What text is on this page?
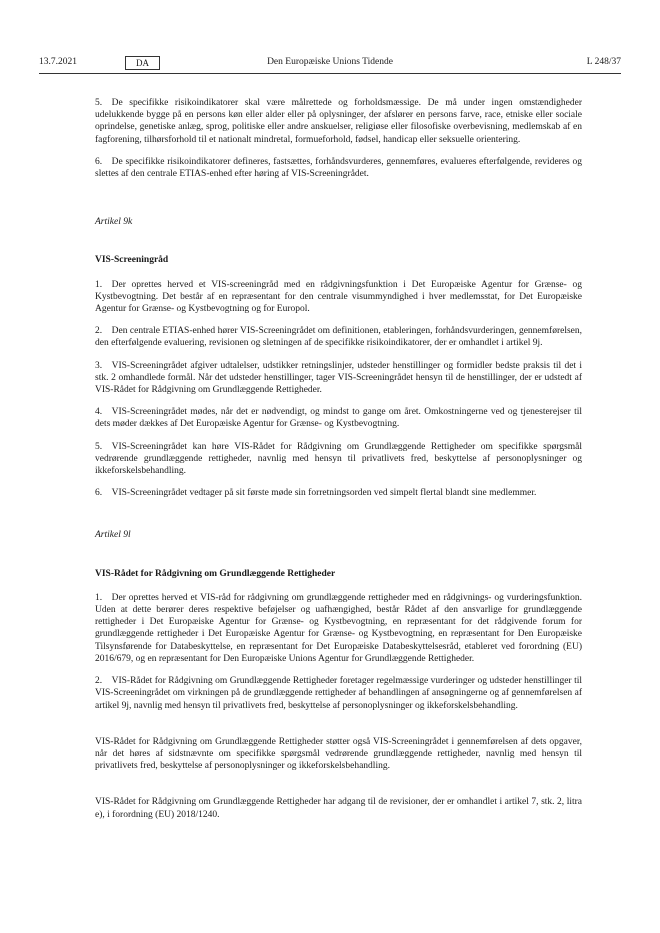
13.7.2021	DA	Den Europæiske Unions Tidende	L 248/37

5. De specifikke risikoindikatorer skal være målrettede og forholdsmæssige. De må under ingen omstændigheder udelukkende bygge på en persons køn eller alder eller på oplysninger, der afslører en persons farve, race, etniske eller sociale oprindelse, genetiske anlæg, sprog, politiske eller andre anskuelser, religiøse eller filosofiske overbevisning, medlemskab af en fagforening, tilhørsforhold til et nationalt mindretal, formueforhold, fødsel, handicap eller seksuelle orientering.

6. De specifikke risikoindikatorer defineres, fastsættes, forhåndsvurderes, gennemføres, evalueres efterfølgende, revideres og slettes af den centrale ETIAS-enhed efter høring af VIS-Screeningrådet.

Artikel 9k

VIS-Screeningråd

1. Der oprettes herved et VIS-screeningråd med en rådgivningsfunktion i Det Europæiske Agentur for Grænse- og Kystbevogtning. Det består af en repræsentant for den centrale visummyndighed i hver medlemsstat, for Det Europæiske Agentur for Grænse- og Kystbevogtning og for Europol.

2. Den centrale ETIAS-enhed hører VIS-Screeningrådet om definitionen, etableringen, forhåndsvurderingen, gennemførelsen, den efterfølgende evaluering, revisionen og sletningen af de specifikke risikoindikatorer, der er omhandlet i artikel 9j.

3. VIS-Screeningrådet afgiver udtalelser, udstikker retningslinjer, udsteder henstillinger og formidler bedste praksis til det i stk. 2 omhandlede formål. Når det udsteder henstillinger, tager VIS-Screeningrådet hensyn til de henstillinger, der er udstedt af VIS-Rådet for Rådgivning om Grundlæggende Rettigheder.

4. VIS-Screeningrådet mødes, når det er nødvendigt, og mindst to gange om året. Omkostningerne ved og tjenesterejser til dets møder dækkes af Det Europæiske Agentur for Grænse- og Kystbevogtning.

5. VIS-Screeningrådet kan høre VIS-Rådet for Rådgivning om Grundlæggende Rettigheder om specifikke spørgsmål vedrørende grundlæggende rettigheder, navnlig med hensyn til privatlivets fred, beskyttelse af personoplysninger og ikkeforskelsbehandling.

6. VIS-Screeningrådet vedtager på sit første møde sin forretningsorden ved simpelt flertal blandt sine medlemmer.

Artikel 9l

VIS-Rådet for Rådgivning om Grundlæggende Rettigheder

1. Der oprettes herved et VIS-råd for rådgivning om grundlæggende rettigheder med en rådgivnings- og vurderingsfunktion. Uden at dette berører deres respektive beføjelser og uafhængighed, består Rådet af den ansvarlige for grundlæggende rettigheder i Det Europæiske Agentur for Grænse- og Kystbevogtning, en repræsentant for det rådgivende forum for grundlæggende rettigheder i Det Europæiske Agentur for Grænse- og Kystbevogtning, en repræsentant for Den Europæiske Tilsynsførende for Databeskyttelse, en repræsentant for Det Europæiske Databeskyttelsesråd, etableret ved forordning (EU) 2016/679, og en repræsentant for Den Europæiske Unions Agentur for Grundlæggende Rettigheder.

2. VIS-Rådet for Rådgivning om Grundlæggende Rettigheder foretager regelmæssige vurderinger og udsteder henstillinger til VIS-Screeningrådet om virkningen på de grundlæggende rettigheder af behandlingen af ansøgningerne og af gennemførelsen af artikel 9j, navnlig med hensyn til privatlivets fred, beskyttelse af personoplysninger og ikkeforskelsbehandling.

VIS-Rådet for Rådgivning om Grundlæggende Rettigheder støtter også VIS-Screeningrådet i gennemførelsen af dets opgaver, når det høres af sidstnævnte om specifikke spørgsmål vedrørende grundlæggende rettigheder, navnlig med hensyn til privatlivets fred, beskyttelse af personoplysninger og ikkeforskelsbehandling.

VIS-Rådet for Rådgivning om Grundlæggende Rettigheder har adgang til de revisioner, der er omhandlet i artikel 7, stk. 2, litra e), i forordning (EU) 2018/1240.
